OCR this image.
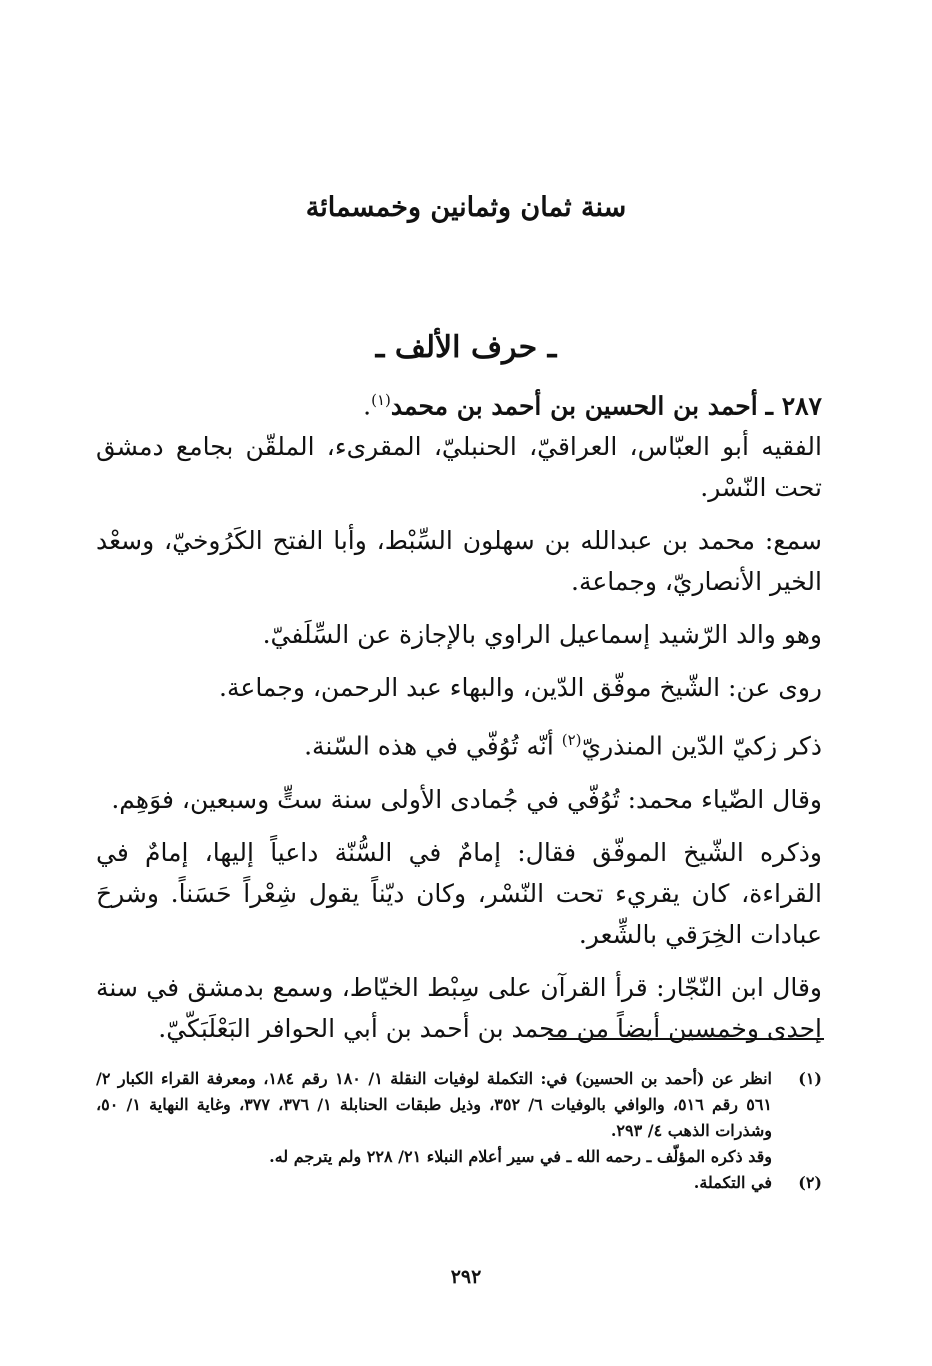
سنة ثمان وثمانين وخمسمائة
ـ حرف الألف ـ

٢٨٧ ـ أحمد بن الحسين بن أحمد بن محمد$^{(١)}$.

الفقيه أبو العبّاس، العراقيّ، الحنبليّ، المقرىء، الملقّن بجامع دمشق تحت النّسْر.

سمع: محمد بن عبدالله بن سهلون السِّبْط، وأبا الفتح الكَرُوخيّ، وسعْد الخير الأنصاريّ، وجماعة.

وهو والد الرّشيد إسماعيل الراوي بالإجازة عن السِّلَفيّ.

روى عن: الشّيخ موفّق الدّين، والبهاء عبد الرحمن، وجماعة.

ذكر زكيّ الدّين المنذريّ$^{(٢)}$ أنّه تُوُفّي في هذه السّنة.

وقال الضّياء محمد: تُوُفّي في جُمادى الأولى سنة ستٍّ وسبعين، فوَهِم.

وذكره الشّيخ الموفّق فقال: إمامٌ في السُّنّة داعياً إليها، إمامٌ في القراءة، كان يقريء تحت النّسْر، وكان ديّناً يقول شِعْراً حَسَناً. وشرحَ عبادات الخِرَقي بالشِّعر.

وقال ابن النّجّار: قرأ القرآن على سِبْط الخيّاط، وسمع بدمشق في سنة إحدى وخمسين أيضاً من محمد بن أحمد بن أبي الحوافر البَعْلَبَكّيّ.

(١)

انظر عن (أحمد بن الحسين) في: التكملة لوفيات النقلة ١/ ١٨٠ رقم ١٨٤، ومعرفة القراء الكبار ٢/ ٥٦١ رقم ٥١٦، والوافي بالوفيات ٦/ ٣٥٢، وذيل طبقات الحنابلة ١/ ٣٧٦، ٣٧٧، وغاية النهاية ١/ ٥٠، وشذرات الذهب ٤/ ٢٩٣.

وقد ذكره المؤلّف ـ رحمه الله ـ في سير أعلام النبلاء ٢١/ ٢٢٨ ولم يترجم له.

(٢)

في التكملة.

٢٩٢
